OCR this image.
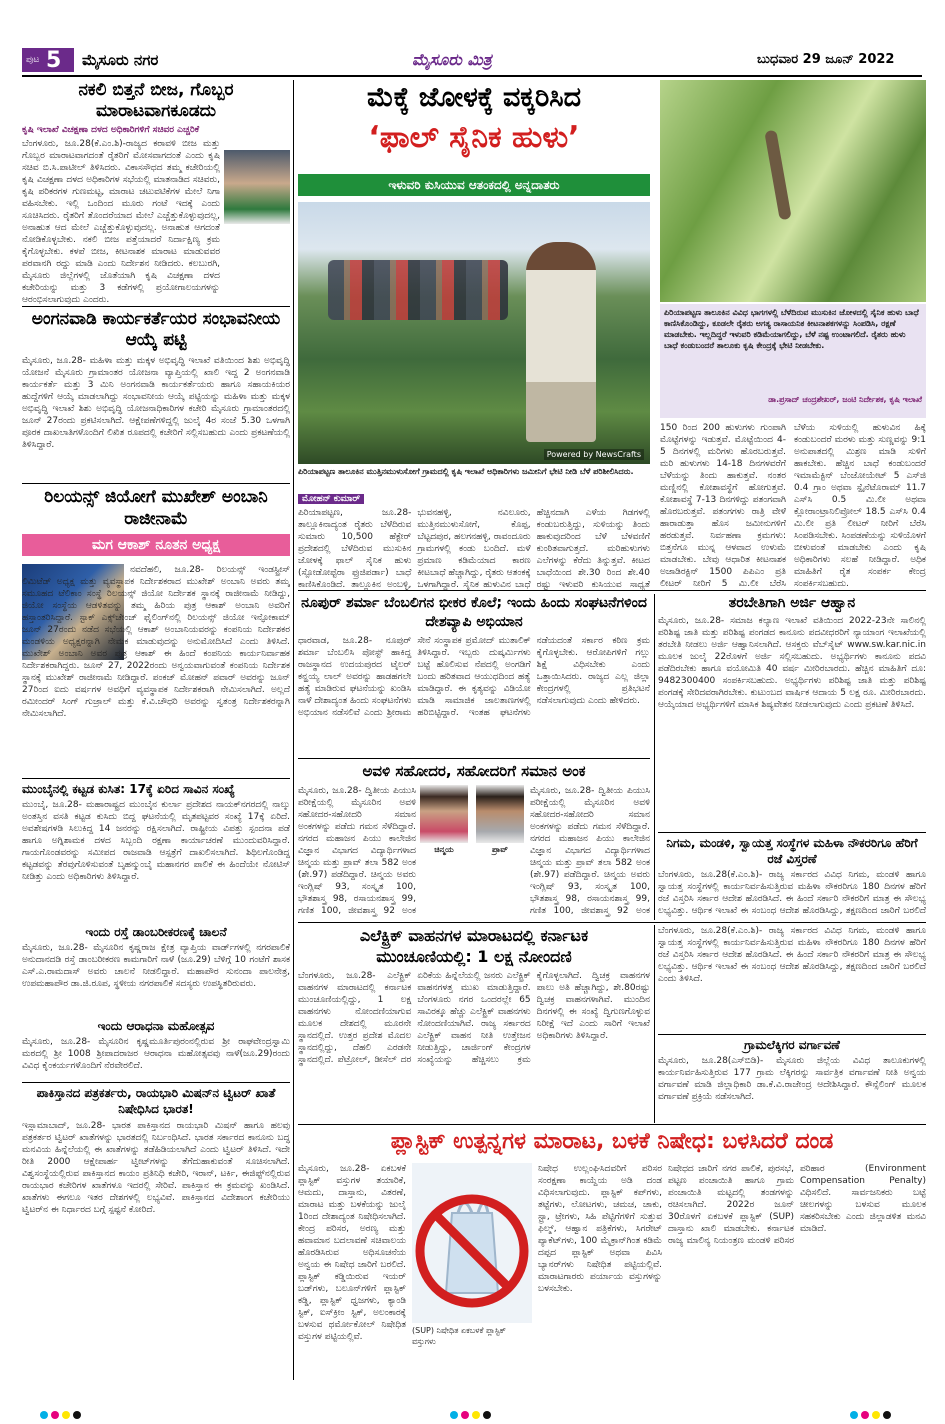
ಪುಟ 5 ಮೈಸೂರು ನಗರ	ಮೈಸೂರು ಮಿತ್ರ	ಬುಧವಾರ 29 ಜೂನ್ 2022
ನಕಲಿ ಬಿತ್ತನೆ ಬೀಜ, ಗೊಬ್ಬರ ಮಾರಾಟವಾಗಕೂಡದು
ಕೃಷಿ ಇಲಾಖೆ ವಿಚಕ್ಷಣಾ ದಳದ ಅಧಿಕಾರಿಗಳಿಗೆ ಸಚಿವರ ಎಚ್ಚರಿಕೆ
ಬೆಂಗಳೂರು, ಜೂ.28(ಕೆ.ಎಂ.ಶಿ)-ರಾಜ್ಯದ ಕರಾವಳಿ ಬೀಜ ಮತ್ತು ಗೊಬ್ಬರ ಮಾರಾಟವಾಗದಂತೆ ರೈತರಿಗೆ ಮೋಸವಾಗದಂತೆ ಎಂದು ಕೃಷಿ ಸಚಿವ ಬಿ.ಸಿ.ಪಾಟೀಲ್ ತಿಳಿಸಿದರು. ವಿಕಾಸಸೌಧದ ತಮ್ಮ ಕಚೇರಿಯಲ್ಲಿ ಕೃಷಿ ವಿಚಕ್ಷಣಾ ದಳದ ಅಧಿಕಾರಿಗಳ ಸಭೆಯಲ್ಲಿ ಮಾತನಾಡಿದ ಸಚಿವರು, ಕೃಷಿ ಪರಿಕರಗಳ ಗುಣಮಟ್ಟ, ಮಾರಾಟ ಚಟುವಟಿಕೆಗಳ ಮೇಲೆ ನಿಗಾ ವಹಿಸಬೇಕು. ಇಲ್ಲಿ ಒಂದಿಂದ ಮೂರು ಗಂಟೆ ಇದಕ್ಕೆ ಎಂದು ಸೂಚಿಸಿದರು. ರೈತರಿಗೆ ತೊಂದರೆಯಾದ ಮೇಲೆ ಎಚ್ಚೆತ್ತುಕೊಳ್ಳುವುದಲ್ಲ, ಅನಾಹುತ ಆದ ಮೇಲೆ ಎಚ್ಚೆತ್ತುಕೊಳ್ಳುವುದಲ್ಲ. ಅನಾಹುತ ಆಗದಂತೆ ನೋಡಿಕೊಳ್ಳಬೇಕು. ನಕಲಿ ಬೀಜ ಪತ್ತೆಯಾದರೆ ನಿರ್ದಾಕ್ಷಿಣ್ಯ ಕ್ರಮ ಕೈಗೊಳ್ಳಬೇಕು. ಕಳಪೆ ಬೀಜ, ಕೀಟನಾಶಕ ಮಾರಾಟ ಮಾಡುವವರ ಪರವಾನಗಿ ರದ್ದು ಮಾಡಿ ಎಂದು ನಿರ್ದೇಶನ ನೀಡಿದರು. ಕಲಬುರಗಿ, ಮೈಸೂರು ಜಿಲ್ಲೆಗಳಲ್ಲಿ ಜೊತೆಯಾಗಿ ಕೃಷಿ ವಿಚಕ್ಷಣಾ ದಳದ ಕಚೇರಿಯನ್ನು ಮತ್ತು 3 ಕಡೆಗಳಲ್ಲಿ ಪ್ರಯೋಗಾಲಯಗಳನ್ನು ಆರಂಭಿಸಲಾಗುವುದು ಎಂದರು.
ಅಂಗನವಾಡಿ ಕಾರ್ಯಕರ್ತೆಯರ ಸಂಭಾವನೀಯ ಆಯ್ಕೆ ಪಟ್ಟಿ
ಮೈಸೂರು, ಜೂ.28- ಮಹಿಳಾ ಮತ್ತು ಮಕ್ಕಳ ಅಭಿವೃದ್ಧಿ ಇಲಾಖೆ ವತಿಯಿಂದ ಶಿಶು ಅಭಿವೃದ್ಧಿ ಯೋಜನೆ ಮೈಸೂರು ಗ್ರಾಮಾಂತರ ಯೋಜನಾ ವ್ಯಾಪ್ತಿಯಲ್ಲಿ ಖಾಲಿ ಇದ್ದ 2 ಅಂಗನವಾಡಿ ಕಾರ್ಯಕರ್ತೆ ಮತ್ತು 3 ಮಿನಿ ಅಂಗನವಾಡಿ ಕಾರ್ಯಕರ್ತೆಯರು ಹಾಗೂ ಸಹಾಯಕಿಯರ ಹುದ್ದೆಗಳಿಗೆ ಆಯ್ಕೆ ಮಾಡಲಾಗಿದ್ದು ಸಂಭಾವನೀಯ ಆಯ್ಕೆ ಪಟ್ಟಿಯನ್ನು ಮಹಿಳಾ ಮತ್ತು ಮಕ್ಕಳ ಅಭಿವೃದ್ಧಿ ಇಲಾಖೆ ಶಿಶು ಅಭಿವೃದ್ಧಿ ಯೋಜನಾಧಿಕಾರಿಗಳ ಕಚೇರಿ ಮೈಸೂರು ಗ್ರಾಮಾಂತರದಲ್ಲಿ ಜೂನ್ 27ರಂದು ಪ್ರಕಟಿಸಲಾಗಿದೆ. ಆಕ್ಷೇಪಣೆಗಳಿದ್ದಲ್ಲಿ ಜುಲೈ 4ರ ಸಂಜೆ 5.30 ಒಳಗಾಗಿ ಪೂರಕ ದಾಖಲಾತಿಗಳೊಂದಿಗೆ ಲಿಖಿತ ರೂಪದಲ್ಲಿ ಕಚೇರಿಗೆ ಸಲ್ಲಿಸಬಹುದು ಎಂದು ಪ್ರಕಟಣೆಯಲ್ಲಿ ತಿಳಿಸಿದ್ದಾರೆ.
ರಿಲಯನ್ಸ್ ಜಿಯೋಗೆ ಮುಖೇಶ್ ಅಂಬಾನಿ ರಾಜೀನಾಮೆ
ಮಗ ಆಕಾಶ್ ನೂತನ ಅಧ್ಯಕ್ಷ
ನವದೆಹಲಿ, ಜೂ.28- ರಿಲಯನ್ಸ್ ಇಂಡಸ್ಟ್ರೀಸ್ ಲಿಮಿಟೆಡ್ ಅಧ್ಯಕ್ಷ ಮತ್ತು ವ್ಯವಸ್ಥಾಪಕ ನಿರ್ದೇಶಕರಾದ ಮುಖೇಶ್ ಅಂಬಾನಿ ಅವರು ತಮ್ಮ ಸಮೂಹದ ಟೆಲಿಕಾಂ ಸಂಸ್ಥೆ ರಿಲಯನ್ಸ್ ಜಿಯೋ ನಿರ್ದೇಶಕ ಸ್ಥಾನಕ್ಕೆ ರಾಜೀನಾಮೆ ನೀಡಿದ್ದು, ಜಿಯೋ ಸಂಸ್ಥೆಯ ಆಡಳಿತವನ್ನು ತಮ್ಮ ಹಿರಿಯ ಪುತ್ರ ಆಕಾಶ್ ಅಂಬಾನಿ ಅವರಿಗೆ ಹಸ್ತಾಂತರಿಸಿದ್ದಾರೆ. ಸ್ಟಾಕ್ ಎಕ್ಸ್‌ಚೇಂಜ್ ಫೈಲಿಂಗ್‌ನಲ್ಲಿ ರಿಲಯನ್ಸ್ ಜಿಯೋ ಇನ್ಫೋಕಾಮ್ ಜೂನ್ 27ರಂದು ನಡೆದ ಸಭೆಯಲ್ಲಿ ಆಕಾಶ್ ಅಂಬಾನಿಯವರನ್ನು ಕಂಪನಿಯ ನಿರ್ದೇಶಕರ ಮಂಡಳಿಯ ಅಧ್ಯಕ್ಷರನ್ನಾಗಿ ನೇಮಕ ಮಾಡುವುದನ್ನು ಅನುಮೋದಿಸಿದೆ ಎಂದು ತಿಳಿಸಿದೆ. ಮುಖೇಶ್ ಅಂಬಾನಿ ಅವರ ಪುತ್ರ ಆಕಾಶ್ ಈ ಹಿಂದೆ ಕಂಪನಿಯ ಕಾರ್ಯನಿರ್ವಾಹಕ ನಿರ್ದೇಶಕರಾಗಿದ್ದರು. ಜೂನ್ 27, 2022ರಂದು ಅನ್ವಯವಾಗುವಂತೆ ಕಂಪನಿಯ ನಿರ್ದೇಶಕ ಸ್ಥಾನಕ್ಕೆ ಮುಖೇಶ್ ರಾಜೀನಾಮೆ ನೀಡಿದ್ದಾರೆ. ಪಂಕಜ್ ಮೋಹನ್ ಪವಾರ್ ಅವರನ್ನು ಜೂನ್ 27ರಿಂದ ಐದು ವರ್ಷಗಳ ಅವಧಿಗೆ ವ್ಯವಸ್ಥಾಪಕ ನಿರ್ದೇಶಕರಾಗಿ ನೇಮಿಸಲಾಗಿದೆ. ಅಲ್ಲದೆ ರಮೀಂದರ್ ಸಿಂಗ್ ಗುಜ್ರಾಲ್ ಮತ್ತು ಕೆ.ವಿ.ಚೌಧರಿ ಅವರನ್ನು ಸ್ವತಂತ್ರ ನಿರ್ದೇಶಕರನ್ನಾಗಿ ನೇಮಿಸಲಾಗಿದೆ.
ಮುಂಬೈನಲ್ಲಿ ಕಟ್ಟಡ ಕುಸಿತ: 17ಕ್ಕೆ ಏರಿದ ಸಾವಿನ ಸಂಖ್ಯೆ
ಮುಂಬೈ, ಜೂ.28- ಮಹಾರಾಷ್ಟ್ರದ ಮುಂಬೈನ ಕುರ್ಲಾ ಪ್ರದೇಶದ ನಾಯಕ್‌ನಗರದಲ್ಲಿ ನಾಲ್ಕು ಅಂತಸ್ತಿನ ವಸತಿ ಕಟ್ಟಡ ಕುಸಿದು ಬಿದ್ದ ಘಟನೆಯಲ್ಲಿ ಮೃತಪಟ್ಟವರ ಸಂಖ್ಯೆ 17ಕ್ಕೆ ಏರಿದೆ. ಅವಶೇಷಗಳಡಿ ಸಿಲುಕಿದ್ದ 14 ಜನರನ್ನು ರಕ್ಷಿಸಲಾಗಿದೆ. ರಾಷ್ಟ್ರೀಯ ವಿಪತ್ತು ಸ್ಪಂದನಾ ಪಡೆ ಹಾಗೂ ಅಗ್ನಿಶಾಮಕ ದಳದ ಸಿಬ್ಬಂದಿ ರಕ್ಷಣಾ ಕಾರ್ಯಾಚರಣೆ ಮುಂದುವರಿಸಿದ್ದಾರೆ. ಗಾಯಗೊಂಡವರನ್ನು ಸಮೀಪದ ರಾಜವಾಡಿ ಆಸ್ಪತ್ರೆಗೆ ದಾಖಲಿಸಲಾಗಿದೆ. ಶಿಥಿಲಗೊಂಡಿದ್ದ ಕಟ್ಟಡವನ್ನು ತೆರವುಗೊಳಿಸುವಂತೆ ಬೃಹನ್ಮುಂಬೈ ಮಹಾನಗರ ಪಾಲಿಕೆ ಈ ಹಿಂದೆಯೇ ನೋಟಿಸ್ ನೀಡಿತ್ತು ಎಂದು ಅಧಿಕಾರಿಗಳು ತಿಳಿಸಿದ್ದಾರೆ.
ಇಂದು ರಸ್ತೆ ಡಾಂಬರೀಕರಣಕ್ಕೆ ಚಾಲನೆ
ಮೈಸೂರು, ಜೂ.28- ಮೈಸೂರಿನ ಕೃಷ್ಣರಾಜ ಕ್ಷೇತ್ರ ವ್ಯಾಪ್ತಿಯ ವಾರ್ಡ್‌ಗಳಲ್ಲಿ ನಗರಪಾಲಿಕೆ ಅನುದಾನದಡಿ ರಸ್ತೆ ಡಾಂಬರೀಕರಣ ಕಾಮಗಾರಿಗೆ ನಾಳೆ (ಜೂ.29) ಬೆಳಿಗ್ಗೆ 10 ಗಂಟೆಗೆ ಶಾಸಕ ಎಸ್.ಎ.ರಾಮದಾಸ್ ಅವರು ಚಾಲನೆ ನೀಡಲಿದ್ದಾರೆ. ಮಹಾಪೌರ ಸುನಂದಾ ಪಾಲನೇತ್ರ, ಉಪಮಹಾಪೌರ ಡಾ.ಜಿ.ರೂಪ, ಸ್ಥಳೀಯ ನಗರಪಾಲಿಕೆ ಸದಸ್ಯರು ಉಪಸ್ಥಿತರಿರುವರು.
ಇಂದು ಆರಾಧನಾ ಮಹೋತ್ಸವ
ಮೈಸೂರು, ಜೂ.28- ಮೈಸೂರಿನ ಕೃಷ್ಣಮೂರ್ತಿಪುರಂನಲ್ಲಿರುವ ಶ್ರೀ ರಾಘವೇಂದ್ರಸ್ವಾಮಿ ಮಠದಲ್ಲಿ ಶ್ರೀ 1008 ಶ್ರೀಪಾದರಾಜರ ಆರಾಧನಾ ಮಹೋತ್ಸವವು ನಾಳೆ(ಜೂ.29)ರಂದು ವಿವಿಧ ಕೈಂಕರ್ಯಗಳೊಂದಿಗೆ ನೆರವೇರಲಿದೆ.
ಪಾಕಿಸ್ತಾನದ ಪತ್ರಕರ್ತರು, ರಾಯಭಾರಿ ಮಿಷನ್‌ನ ಟ್ವಿಟರ್ ಖಾತೆ ನಿಷೇಧಿಸಿದ ಭಾರತ!
ಇಸ್ಲಾಮಾಬಾದ್, ಜೂ.28- ಭಾರತ ಪಾಕಿಸ್ತಾನದ ರಾಯಭಾರಿ ಮಿಷನ್ ಹಾಗೂ ಹಲವು ಪತ್ರಕರ್ತರ ಟ್ವಿಟರ್ ಖಾತೆಗಳನ್ನು ಭಾರತದಲ್ಲಿ ನಿರ್ಬಂಧಿಸಿದೆ. ಭಾರತ ಸರ್ಕಾರದ ಕಾನೂನು ಬದ್ಧ ಮನವಿಯ ಹಿನ್ನೆಲೆಯಲ್ಲಿ ಈ ಖಾತೆಗಳನ್ನು ತಡೆಹಿಡಿಯಲಾಗಿದೆ ಎಂದು ಟ್ವಿಟರ್ ತಿಳಿಸಿದೆ. ಇದೇ ರೀತಿ 2000 ಆಕ್ಷೇಪಾರ್ಹ ಟ್ವೀಟ್‌ಗಳನ್ನು ತೆಗೆದುಹಾಕುವಂತೆ ಸೂಚಿಸಲಾಗಿದೆ. ವಿಶ್ವಸಂಸ್ಥೆಯಲ್ಲಿರುವ ಪಾಕಿಸ್ತಾನದ ಕಾಯಂ ಪ್ರತಿನಿಧಿ ಕಚೇರಿ, ಇರಾನ್, ಟರ್ಕಿ, ಈಜಿಪ್ಟ್‌ನಲ್ಲಿರುವ ರಾಯಭಾರ ಕಚೇರಿಗಳ ಖಾತೆಗಳೂ ಇದರಲ್ಲಿ ಸೇರಿವೆ. ಪಾಕಿಸ್ತಾನ ಈ ಕ್ರಮವನ್ನು ಖಂಡಿಸಿದೆ. ಖಾತೆಗಳು ಈಗಲೂ ಇತರ ದೇಶಗಳಲ್ಲಿ ಲಭ್ಯವಿವೆ. ಪಾಕಿಸ್ತಾನದ ವಿದೇಶಾಂಗ ಕಚೇರಿಯು ಟ್ವಿಟರ್‌ನ ಈ ನಿರ್ಧಾರದ ಬಗ್ಗೆ ಸ್ಪಷ್ಟನೆ ಕೋರಿದೆ.
ಮೆಕ್ಕೆ ಜೋಳಕ್ಕೆ ವಕ್ಕರಿಸಿದ
‘ಫಾಲ್ ಸೈನಿಕ ಹುಳು’
ಇಳುವರಿ ಕುಸಿಯುವ ಆತಂಕದಲ್ಲಿ ಅನ್ನದಾತರು
Powered by NewsCrafts
ಪಿರಿಯಾಪಟ್ಟಣ ತಾಲೂಕಿನ ಮುತ್ತಿನಮುಳುಸೋಗೆ ಗ್ರಾಮದಲ್ಲಿ ಕೃಷಿ ಇಲಾಖೆ ಅಧಿಕಾರಿಗಳು ಜಮೀನಿಗೆ ಭೇಟಿ ನೀಡಿ ಬೆಳೆ ಪರಿಶೀಲಿಸಿದರು.
ಪಿರಿಯಾಪಟ್ಟಣ ತಾಲೂಕಿನ ವಿವಿಧ ಭಾಗಗಳಲ್ಲಿ ಬೆಳೆದಿರುವ ಮುಸುಕಿನ ಜೋಳದಲ್ಲಿ ಸೈನಿಕ ಹುಳು ಬಾಧೆ ಕಾಣಿಸಿಕೊಂಡಿದ್ದು, ಕೂಡಲೇ ರೈತರು ಅಗತ್ಯ ರಾಸಾಯನಿಕ ಕೀಟನಾಶಕಗಳನ್ನು ಸಿಂಪಡಿಸಿ, ರಕ್ಷಣೆ ಮಾಡಬೇಕು. ಇಲ್ಲದಿದ್ದರೆ ಇಳುವರಿ ಕಡಿಮೆಯಾಗಲಿದ್ದು, ಬೆಳೆ ನಷ್ಟ ಉಂಟಾಗಲಿದೆ. ರೈತರು ಹುಳು ಬಾಧೆ ಕಂಡುಬಂದರೆ ತಾಲೂಕು ಕೃಷಿ ಕೇಂದ್ರಕ್ಕೆ ಭೇಟಿ ನೀಡಬೇಕು.
ಡಾ.ಪ್ರಸಾದ್ ಚಂದ್ರಶೇಖರ್, ಜಂಟಿ ನಿರ್ದೇಶಕ, ಕೃಷಿ ಇಲಾಖೆ
ಮೋಹನ್ ಕುಮಾರ್
ಪಿರಿಯಾಪಟ್ಟಣ, ಜೂ.28- ತಾಲ್ಲೂಕಿನಾದ್ಯಂತ ರೈತರು ಬೆಳೆದಿರುವ ಸುಮಾರು 10,500 ಹೆಕ್ಟೇರ್ ಪ್ರದೇಶದಲ್ಲಿ ಬೆಳೆದಿರುವ ಮುಸುಕಿನ ಜೋಳಕ್ಕೆ ಫಾಲ್ ಸೈನಿಕ ಹುಳು (ಸ್ಪೋಡೋಪ್ಟೆರಾ ಫ್ರುಜಿಪರ್ಡಾ) ಬಾಧೆ ಕಾಣಿಸಿಕೊಂಡಿದೆ. ತಾಲ್ಲೂಕಿನ ಅಂಬಳ್ಳಿ, ಭುವನಹಳ್ಳಿ, ನವಿಲೂರು, ಮುತ್ತಿನಮುಳುಸೋಗೆ, ಕೊಪ್ಪ, ಬೆಟ್ಟದಪುರ, ಹಲಗನಹಳ್ಳಿ, ರಾವಂದೂರು ಗ್ರಾಮಗಳಲ್ಲಿ ಕಂಡು ಬಂದಿದೆ. ಮಳೆ ಪ್ರಮಾಣ ಕಡಿಮೆಯಾದ ಕಾರಣ ಕೀಟಬಾಧೆ ಹೆಚ್ಚಾಗಿದ್ದು, ರೈತರು ಆತಂಕಕ್ಕೆ ಒಳಗಾಗಿದ್ದಾರೆ. ಸೈನಿಕ ಹುಳುವಿನ ಬಾಧೆ ಹೆಚ್ಚಿನದಾಗಿ ಎಳೆಯ ಗಿಡಗಳಲ್ಲಿ ಕಂಡುಬರುತ್ತಿದ್ದು, ಸುಳಿಯನ್ನು ತಿಂದು ಹಾಕುವುದರಿಂದ ಬೆಳೆ ಬೆಳವಣಿಗೆ ಕುಂಠಿತವಾಗುತ್ತದೆ. ಮರಿಹುಳುಗಳು ಎಲೆಗಳನ್ನು ಕೆರೆದು ತಿನ್ನುತ್ತವೆ. ಕೀಟದ ಬಾಧೆಯಿಂದ ಶೇ.30 ರಿಂದ ಶೇ.40 ರಷ್ಟು ಇಳುವರಿ ಕುಸಿಯುವ ಸಾಧ್ಯತೆ
150 ರಿಂದ 200 ಹುಳುಗಳು ಗುಂಪಾಗಿ ಮೊಟ್ಟೆಗಳನ್ನು ಇಡುತ್ತವೆ. ಮೊಟ್ಟೆಯಿಂದ 4-5 ದಿನಗಳಲ್ಲಿ ಮರಿಗಳು ಹೊರಬರುತ್ತವೆ. ಮರಿ ಹುಳುಗಳು 14-18 ದಿನಗಳವರೆಗೆ ಬೆಳೆಯನ್ನು ತಿಂದು ಹಾಕುತ್ತವೆ. ನಂತರ ಮಣ್ಣಿನಲ್ಲಿ ಕೋಶಾವಸ್ಥೆಗೆ ಹೋಗುತ್ತವೆ. ಕೋಶಾವಸ್ಥೆ 7-13 ದಿನಗಳಿದ್ದು ಪತಂಗವಾಗಿ ಹೊರಬರುತ್ತವೆ. ಪತಂಗಗಳು ರಾತ್ರಿ ವೇಳೆ ಹಾರಾಡುತ್ತಾ ಹೊಸ ಜಮೀನುಗಳಿಗೆ ಹರಡುತ್ತವೆ. ನಿರ್ವಹಣಾ ಕ್ರಮಗಳು: ಬಿತ್ತನೆಗೂ ಮುನ್ನ ಆಳವಾದ ಉಳುಮೆ ಮಾಡಬೇಕು. ಬೇವು ಆಧಾರಿತ ಕೀಟನಾಶಕ ಅಜಾಡಿರಕ್ಟಿನ್ 1500 ಪಿಪಿಎಂ ಪ್ರತಿ ಲೀಟರ್ ನೀರಿಗೆ 5 ಮಿ.ಲೀ ಬೆರೆಸಿ
ಬೆಳೆಯ ಸುಳಿಯಲ್ಲಿ ಹುಳುವಿನ ಹಿಕ್ಕೆ ಕಂಡುಬಂದರೆ ಮರಳು ಮತ್ತು ಸುಣ್ಣವನ್ನು 9:1 ಅನುಪಾತದಲ್ಲಿ ಮಿಶ್ರಣ ಮಾಡಿ ಸುಳಿಗೆ ಹಾಕಬೇಕು. ಹೆಚ್ಚಿನ ಬಾಧೆ ಕಂಡುಬಂದರೆ ಇಮಾಮೆಕ್ಟಿನ್ ಬೆಂಜೋಯೇಟ್ 5 ಎಸ್‌ಜಿ 0.4 ಗ್ರಾಂ ಅಥವಾ ಸ್ಪೈನೆಟೊರಾಮ್ 11.7 ಎಸ್‌ಸಿ 0.5 ಮಿ.ಲೀ ಅಥವಾ ಕ್ಲೋರಾಂಟ್ರಾನಿಲಿಪ್ರೋಲ್ 18.5 ಎಸ್‌ಸಿ 0.4 ಮಿ.ಲೀ ಪ್ರತಿ ಲೀಟರ್ ನೀರಿಗೆ ಬೆರೆಸಿ ಸಿಂಪಡಿಸಬೇಕು. ಸಿಂಪಡಣೆಯನ್ನು ಸುಳಿಯೊಳಗೆ ಬೀಳುವಂತೆ ಮಾಡಬೇಕು ಎಂದು ಕೃಷಿ ಅಧಿಕಾರಿಗಳು ಸಲಹೆ ನೀಡಿದ್ದಾರೆ. ಅಧಿಕ ಮಾಹಿತಿಗೆ ರೈತ ಸಂಪರ್ಕ ಕೇಂದ್ರ ಸಂಪರ್ಕಿಸಬಹುದು.
ನೂಪುರ್ ಶರ್ಮಾ ಬೆಂಬಲಿಗನ ಭೀಕರ ಕೊಲೆ; ಇಂದು ಹಿಂದು ಸಂಘಟನೆಗಳಿಂದ ದೇಶವ್ಯಾಪಿ ಅಭಿಯಾನ
ಧಾರವಾಡ, ಜೂ.28- ನೂಪುರ್ ಶರ್ಮಾ ಬೆಂಬಲಿಸಿ ಪೋಸ್ಟ್ ಹಾಕಿದ್ದ ರಾಜಸ್ಥಾನದ ಉದಯಪುರದ ಟೈಲರ್ ಕನ್ಹಯ್ಯ ಲಾಲ್ ಅವರನ್ನು ಹಾಡಹಗಲೇ ಹತ್ಯೆ ಮಾಡಿರುವ ಘಟನೆಯನ್ನು ಖಂಡಿಸಿ ನಾಳೆ ದೇಶಾದ್ಯಂತ ಹಿಂದು ಸಂಘಟನೆಗಳು ಅಭಿಯಾನ ನಡೆಸಲಿವೆ ಎಂದು ಶ್ರೀರಾಮ ಸೇನೆ ಸಂಸ್ಥಾಪಕ ಪ್ರಮೋದ್ ಮುತಾಲಿಕ್ ತಿಳಿಸಿದ್ದಾರೆ. ಇಬ್ಬರು ದುಷ್ಕರ್ಮಿಗಳು ಬಟ್ಟೆ ಹೊಲಿಸುವ ನೆಪದಲ್ಲಿ ಅಂಗಡಿಗೆ ಬಂದು ಹರಿತವಾದ ಆಯುಧದಿಂದ ಹತ್ಯೆ ಮಾಡಿದ್ದಾರೆ. ಈ ಕೃತ್ಯವನ್ನು ವಿಡಿಯೋ ಮಾಡಿ ಸಾಮಾಜಿಕ ಜಾಲತಾಣಗಳಲ್ಲಿ ಹರಿಬಿಟ್ಟಿದ್ದಾರೆ. ಇಂತಹ ಘಟನೆಗಳು ನಡೆಯದಂತೆ ಸರ್ಕಾರ ಕಠಿಣ ಕ್ರಮ ಕೈಗೊಳ್ಳಬೇಕು. ಆರೋಪಿಗಳಿಗೆ ಗಲ್ಲು ಶಿಕ್ಷೆ ವಿಧಿಸಬೇಕು ಎಂದು ಒತ್ತಾಯಿಸಿದರು. ರಾಜ್ಯದ ಎಲ್ಲ ಜಿಲ್ಲಾ ಕೇಂದ್ರಗಳಲ್ಲಿ ಪ್ರತಿಭಟನೆ ನಡೆಸಲಾಗುವುದು ಎಂದು ಹೇಳಿದರು.
ಅವಳಿ ಸಹೋದರ, ಸಹೋದರಿಗೆ ಸಮಾನ ಅಂಕ
ಚಿನ್ಮಯ	ಪ್ರಾವ್
ಮೈಸೂರು, ಜೂ.28- ದ್ವಿತೀಯ ಪಿಯುಸಿ ಪರೀಕ್ಷೆಯಲ್ಲಿ ಮೈಸೂರಿನ ಅವಳಿ ಸಹೋದರ-ಸಹೋದರಿ ಸಮಾನ ಅಂಕಗಳನ್ನು ಪಡೆದು ಗಮನ ಸೆಳೆದಿದ್ದಾರೆ. ನಗರದ ಮಹಾಜನ ಪಿಯು ಕಾಲೇಜಿನ ವಿಜ್ಞಾನ ವಿಭಾಗದ ವಿದ್ಯಾರ್ಥಿಗಳಾದ ಚಿನ್ಮಯ ಮತ್ತು ಪ್ರಾವ್ ತಲಾ 582 ಅಂಕ (ಶೇ.97) ಪಡೆದಿದ್ದಾರೆ. ಚಿನ್ಮಯ ಅವರು ಇಂಗ್ಲಿಷ್ 93, ಸಂಸ್ಕೃತ 100, ಭೌತಶಾಸ್ತ್ರ 98, ರಸಾಯನಶಾಸ್ತ್ರ 99, ಗಣಿತ 100, ಜೀವಶಾಸ್ತ್ರ 92 ಅಂಕ
ಮೈಸೂರು, ಜೂ.28- ದ್ವಿತೀಯ ಪಿಯುಸಿ ಪರೀಕ್ಷೆಯಲ್ಲಿ ಮೈಸೂರಿನ ಅವಳಿ ಸಹೋದರ-ಸಹೋದರಿ ಸಮಾನ ಅಂಕಗಳನ್ನು ಪಡೆದು ಗಮನ ಸೆಳೆದಿದ್ದಾರೆ. ನಗರದ ಮಹಾಜನ ಪಿಯು ಕಾಲೇಜಿನ ವಿಜ್ಞಾನ ವಿಭಾಗದ ವಿದ್ಯಾರ್ಥಿಗಳಾದ ಚಿನ್ಮಯ ಮತ್ತು ಪ್ರಾವ್ ತಲಾ 582 ಅಂಕ (ಶೇ.97) ಪಡೆದಿದ್ದಾರೆ. ಚಿನ್ಮಯ ಅವರು ಇಂಗ್ಲಿಷ್ 93, ಸಂಸ್ಕೃತ 100, ಭೌತಶಾಸ್ತ್ರ 98, ರಸಾಯನಶಾಸ್ತ್ರ 99, ಗಣಿತ 100, ಜೀವಶಾಸ್ತ್ರ 92 ಅಂಕ
ತರಬೇತಿಗಾಗಿ ಅರ್ಜಿ ಆಹ್ವಾನ
ಮೈಸೂರು, ಜೂ.28- ಸಮಾಜ ಕಲ್ಯಾಣ ಇಲಾಖೆ ವತಿಯಿಂದ 2022-23ನೇ ಸಾಲಿನಲ್ಲಿ ಪರಿಶಿಷ್ಟ ಜಾತಿ ಮತ್ತು ಪರಿಶಿಷ್ಟ ಪಂಗಡದ ಕಾನೂನು ಪದವೀಧರರಿಗೆ ನ್ಯಾಯಾಂಗ ಇಲಾಖೆಯಲ್ಲಿ ತರಬೇತಿ ನೀಡಲು ಅರ್ಜಿ ಆಹ್ವಾನಿಸಲಾಗಿದೆ. ಆಸಕ್ತರು ವೆಬ್‌ಸೈಟ್ www.sw.kar.nic.in ಮೂಲಕ ಜುಲೈ 22ರೊಳಗೆ ಅರ್ಜಿ ಸಲ್ಲಿಸಬಹುದು. ಅಭ್ಯರ್ಥಿಗಳು ಕಾನೂನು ಪದವಿ ಪಡೆದಿರಬೇಕು ಹಾಗೂ ವಯೋಮಿತಿ 40 ವರ್ಷ ಮೀರಿರಬಾರದು. ಹೆಚ್ಚಿನ ಮಾಹಿತಿಗೆ ದೂ: 9482300400 ಸಂಪರ್ಕಿಸಬಹುದು. ಅಭ್ಯರ್ಥಿಗಳು ಪರಿಶಿಷ್ಟ ಜಾತಿ ಮತ್ತು ಪರಿಶಿಷ್ಟ ಪಂಗಡಕ್ಕೆ ಸೇರಿದವರಾಗಿರಬೇಕು. ಕುಟುಂಬದ ವಾರ್ಷಿಕ ಆದಾಯ 5 ಲಕ್ಷ ರೂ. ಮೀರಿರಬಾರದು. ಆಯ್ಕೆಯಾದ ಅಭ್ಯರ್ಥಿಗಳಿಗೆ ಮಾಸಿಕ ಶಿಷ್ಯವೇತನ ನೀಡಲಾಗುವುದು ಎಂದು ಪ್ರಕಟಣೆ ತಿಳಿಸಿದೆ.
ನಿಗಮ, ಮಂಡಳಿ, ಸ್ವಾಯತ್ತ ಸಂಸ್ಥೆಗಳ ಮಹಿಳಾ ನೌಕರರಿಗೂ ಹೆರಿಗೆ ರಜೆ ವಿಸ್ತರಣೆ
ಬೆಂಗಳೂರು, ಜೂ.28(ಕೆ.ಎಂ.ಶಿ)- ರಾಜ್ಯ ಸರ್ಕಾರದ ವಿವಿಧ ನಿಗಮ, ಮಂಡಳಿ ಹಾಗೂ ಸ್ವಾಯತ್ತ ಸಂಸ್ಥೆಗಳಲ್ಲಿ ಕಾರ್ಯನಿರ್ವಹಿಸುತ್ತಿರುವ ಮಹಿಳಾ ನೌಕರರಿಗೂ 180 ದಿನಗಳ ಹೆರಿಗೆ ರಜೆ ವಿಸ್ತರಿಸಿ ಸರ್ಕಾರ ಆದೇಶ ಹೊರಡಿಸಿದೆ. ಈ ಹಿಂದೆ ಸರ್ಕಾರಿ ನೌಕರರಿಗೆ ಮಾತ್ರ ಈ ಸೌಲಭ್ಯ ಲಭ್ಯವಿತ್ತು. ಆರ್ಥಿಕ ಇಲಾಖೆ ಈ ಸಂಬಂಧ ಆದೇಶ ಹೊರಡಿಸಿದ್ದು, ತಕ್ಷಣದಿಂದ ಜಾರಿಗೆ ಬರಲಿದೆ
ಎಲೆಕ್ಟ್ರಿಕ್ ವಾಹನಗಳ ಮಾರಾಟದಲ್ಲಿ ಕರ್ನಾಟಕ
ಮುಂಚೂಣಿಯಲ್ಲಿ: 1 ಲಕ್ಷ ನೋಂದಣಿ
ಬೆಂಗಳೂರು, ಜೂ.28- ಎಲೆಕ್ಟ್ರಿಕ್ ವಾಹನಗಳ ಮಾರಾಟದಲ್ಲಿ ಕರ್ನಾಟಕ ಮುಂಚೂಣಿಯಲ್ಲಿದ್ದು, 1 ಲಕ್ಷ ವಾಹನಗಳು ನೋಂದಣಿಯಾಗುವ ಮೂಲಕ ದೇಶದಲ್ಲಿ ಮೂರನೇ ಸ್ಥಾನದಲ್ಲಿದೆ. ಉತ್ತರ ಪ್ರದೇಶ ಮೊದಲ ಸ್ಥಾನದಲ್ಲಿದ್ದು, ದೆಹಲಿ ಎರಡನೇ ಸ್ಥಾನದಲ್ಲಿದೆ. ಪೆಟ್ರೋಲ್, ಡೀಸೆಲ್ ದರ ಏರಿಕೆಯ ಹಿನ್ನೆಲೆಯಲ್ಲಿ ಜನರು ಎಲೆಕ್ಟ್ರಿಕ್ ವಾಹನಗಳತ್ತ ಮುಖ ಮಾಡುತ್ತಿದ್ದಾರೆ. ಬೆಂಗಳೂರು ನಗರ ಒಂದರಲ್ಲೇ 65 ಸಾವಿರಕ್ಕೂ ಹೆಚ್ಚು ಎಲೆಕ್ಟ್ರಿಕ್ ವಾಹನಗಳು ನೋಂದಣಿಯಾಗಿವೆ. ರಾಜ್ಯ ಸರ್ಕಾರದ ಎಲೆಕ್ಟ್ರಿಕ್ ವಾಹನ ನೀತಿ ಉತ್ತೇಜನ ನೀಡುತ್ತಿದ್ದು, ಚಾರ್ಜಿಂಗ್ ಕೇಂದ್ರಗಳ ಸಂಖ್ಯೆಯನ್ನು ಹೆಚ್ಚಿಸಲು ಕ್ರಮ ಕೈಗೊಳ್ಳಲಾಗಿದೆ. ದ್ವಿಚಕ್ರ ವಾಹನಗಳ ಪಾಲು ಅತಿ ಹೆಚ್ಚಾಗಿದ್ದು, ಶೇ.80ರಷ್ಟು ದ್ವಿಚಕ್ರ ವಾಹನಗಳಾಗಿವೆ. ಮುಂದಿನ ದಿನಗಳಲ್ಲಿ ಈ ಸಂಖ್ಯೆ ದ್ವಿಗುಣಗೊಳ್ಳುವ ನಿರೀಕ್ಷೆ ಇದೆ ಎಂದು ಸಾರಿಗೆ ಇಲಾಖೆ ಅಧಿಕಾರಿಗಳು ತಿಳಿಸಿದ್ದಾರೆ.
ಬೆಂಗಳೂರು, ಜೂ.28(ಕೆ.ಎಂ.ಶಿ)- ರಾಜ್ಯ ಸರ್ಕಾರದ ವಿವಿಧ ನಿಗಮ, ಮಂಡಳಿ ಹಾಗೂ ಸ್ವಾಯತ್ತ ಸಂಸ್ಥೆಗಳಲ್ಲಿ ಕಾರ್ಯನಿರ್ವಹಿಸುತ್ತಿರುವ ಮಹಿಳಾ ನೌಕರರಿಗೂ 180 ದಿನಗಳ ಹೆರಿಗೆ ರಜೆ ವಿಸ್ತರಿಸಿ ಸರ್ಕಾರ ಆದೇಶ ಹೊರಡಿಸಿದೆ. ಈ ಹಿಂದೆ ಸರ್ಕಾರಿ ನೌಕರರಿಗೆ ಮಾತ್ರ ಈ ಸೌಲಭ್ಯ ಲಭ್ಯವಿತ್ತು. ಆರ್ಥಿಕ ಇಲಾಖೆ ಈ ಸಂಬಂಧ ಆದೇಶ ಹೊರಡಿಸಿದ್ದು, ತಕ್ಷಣದಿಂದ ಜಾರಿಗೆ ಬರಲಿದೆ ಎಂದು ತಿಳಿಸಿದೆ.
ಗ್ರಾಮಲೆಕ್ಕಿಗರ ವರ್ಗಾವಣೆ
ಮೈಸೂರು, ಜೂ.28(ಎಸ್‌ಬಿಡಿ)- ಮೈಸೂರು ಜಿಲ್ಲೆಯ ವಿವಿಧ ತಾಲೂಕುಗಳಲ್ಲಿ ಕಾರ್ಯನಿರ್ವಹಿಸುತ್ತಿರುವ 177 ಗ್ರಾಮ ಲೆಕ್ಕಿಗರನ್ನು ಸಾರ್ವತ್ರಿಕ ವರ್ಗಾವಣೆ ನೀತಿ ಅನ್ವಯ ವರ್ಗಾವಣೆ ಮಾಡಿ ಜಿಲ್ಲಾಧಿಕಾರಿ ಡಾ.ಕೆ.ವಿ.ರಾಜೇಂದ್ರ ಆದೇಶಿಸಿದ್ದಾರೆ. ಕೌನ್ಸೆಲಿಂಗ್ ಮೂಲಕ ವರ್ಗಾವಣೆ ಪ್ರಕ್ರಿಯೆ ನಡೆಸಲಾಗಿದೆ.
ಪ್ಲಾಸ್ಟಿಕ್ ಉತ್ಪನ್ನಗಳ ಮಾರಾಟ, ಬಳಕೆ ನಿಷೇಧ: ಬಳಸಿದರೆ ದಂಡ
ಮೈಸೂರು, ಜೂ.28- ಏಕಬಳಕೆ ಪ್ಲಾಸ್ಟಿಕ್ ವಸ್ತುಗಳ ತಯಾರಿಕೆ, ಆಮದು, ದಾಸ್ತಾನು, ವಿತರಣೆ, ಮಾರಾಟ ಮತ್ತು ಬಳಕೆಯನ್ನು ಜುಲೈ 1ರಿಂದ ದೇಶಾದ್ಯಂತ ನಿಷೇಧಿಸಲಾಗಿದೆ. ಕೇಂದ್ರ ಪರಿಸರ, ಅರಣ್ಯ ಮತ್ತು ಹವಾಮಾನ ಬದಲಾವಣೆ ಸಚಿವಾಲಯ ಹೊರಡಿಸಿರುವ ಅಧಿಸೂಚನೆಯ ಅನ್ವಯ ಈ ನಿಷೇಧ ಜಾರಿಗೆ ಬರಲಿದೆ. ಪ್ಲಾಸ್ಟಿಕ್ ಕಡ್ಡಿಯಿರುವ ಇಯರ್ ಬಡ್‌ಗಳು, ಬಲೂನ್‌ಗಳಿಗೆ ಪ್ಲಾಸ್ಟಿಕ್ ಕಡ್ಡಿ, ಪ್ಲಾಸ್ಟಿಕ್ ಧ್ವಜಗಳು, ಕ್ಯಾಂಡಿ ಸ್ಟಿಕ್, ಐಸ್‌ಕ್ರೀಂ ಸ್ಟಿಕ್, ಅಲಂಕಾರಕ್ಕೆ ಬಳಸುವ ಥರ್ಮೋಕೋಲ್ ನಿಷೇಧಿತ ವಸ್ತುಗಳ ಪಟ್ಟಿಯಲ್ಲಿವೆ.
(SUP) ನಿಷೇಧಿತ ಏಕಬಳಕೆ ಪ್ಲಾಸ್ಟಿಕ್ ವಸ್ತುಗಳು
ನಿಷೇಧ ಉಲ್ಲಂಘಿಸಿದವರಿಗೆ ಪರಿಸರ ಸಂರಕ್ಷಣಾ ಕಾಯ್ದೆಯ ಅಡಿ ದಂಡ ವಿಧಿಸಲಾಗುವುದು. ಪ್ಲಾಸ್ಟಿಕ್ ಕಪ್‌ಗಳು, ತಟ್ಟೆಗಳು, ಲೋಟಗಳು, ಚಮಚ, ಚಾಕು, ಸ್ಟ್ರಾ, ಟ್ರೇಗಳು, ಸಿಹಿ ಪೆಟ್ಟಿಗೆಗಳಿಗೆ ಸುತ್ತುವ ಫಿಲ್ಮ್, ಆಹ್ವಾನ ಪತ್ರಿಕೆಗಳು, ಸಿಗರೇಟ್ ಪ್ಯಾಕೆಟ್‌ಗಳು, 100 ಮೈಕ್ರಾನ್‌ಗಿಂತ ಕಡಿಮೆ ದಪ್ಪದ ಪ್ಲಾಸ್ಟಿಕ್ ಅಥವಾ ಪಿವಿಸಿ ಬ್ಯಾನರ್‌ಗಳು ನಿಷೇಧಿತ ಪಟ್ಟಿಯಲ್ಲಿವೆ. ಮಾರಾಟಗಾರರು ಪರ್ಯಾಯ ವಸ್ತುಗಳನ್ನು ಬಳಸಬೇಕು.
ನಿಷೇಧದ ಜಾರಿಗೆ ನಗರ ಪಾಲಿಕೆ, ಪುರಸಭೆ, ಪಟ್ಟಣ ಪಂಚಾಯಿತಿ ಹಾಗೂ ಗ್ರಾಮ ಪಂಚಾಯಿತಿ ಮಟ್ಟದಲ್ಲಿ ತಂಡಗಳನ್ನು ರಚಿಸಲಾಗಿದೆ. 2022ರ ಜೂನ್ 30ರೊಳಗೆ ಏಕಬಳಕೆ ಪ್ಲಾಸ್ಟಿಕ್ (SUP) ದಾಸ್ತಾನು ಖಾಲಿ ಮಾಡಬೇಕು. ಕರ್ನಾಟಕ ರಾಜ್ಯ ಮಾಲಿನ್ಯ ನಿಯಂತ್ರಣ ಮಂಡಳಿ ಪರಿಸರ ಪರಿಹಾರ (Environment Compensation Penalty) ವಿಧಿಸಲಿದೆ. ಸಾರ್ವಜನಿಕರು ಬಟ್ಟೆ ಚೀಲಗಳನ್ನು ಬಳಸುವ ಮೂಲಕ ಸಹಕರಿಸಬೇಕು ಎಂದು ಜಿಲ್ಲಾಡಳಿತ ಮನವಿ ಮಾಡಿದೆ.
